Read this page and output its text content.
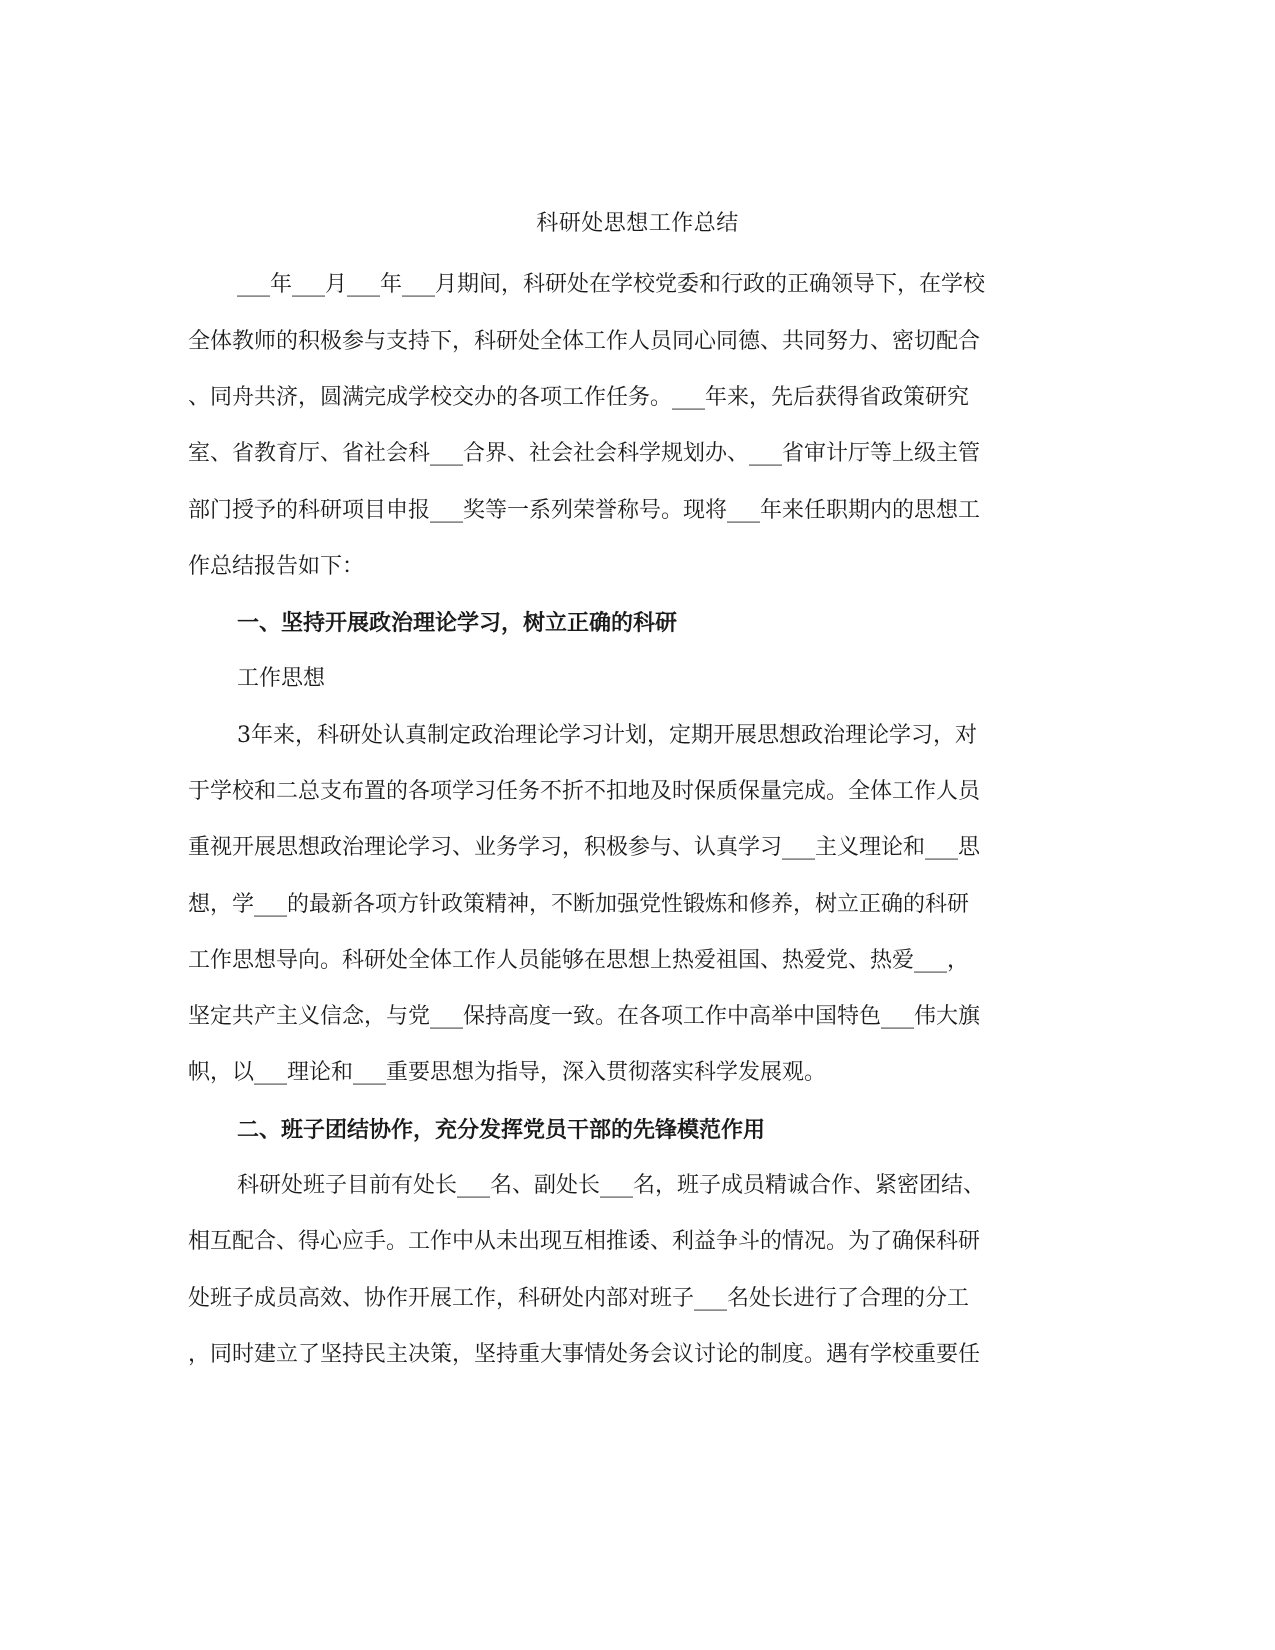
科研处思想工作总结
___年___月___年___月期间，科研处在学校党委和行政的正确领导下，在学校
全体教师的积极参与支持下，科研处全体工作人员同心同德、共同努力、密切配合
、同舟共济，圆满完成学校交办的各项工作任务。___年来，先后获得省政策研究
室、省教育厅、省社会科___合界、社会社会科学规划办、___省审计厅等上级主管
部门授予的科研项目申报___奖等一系列荣誉称号。现将___年来任职期内的思想工
作总结报告如下：
一、坚持开展政治理论学习，树立正确的科研
工作思想
3年来，科研处认真制定政治理论学习计划，定期开展思想政治理论学习，对
于学校和二总支布置的各项学习任务不折不扣地及时保质保量完成。全体工作人员
重视开展思想政治理论学习、业务学习，积极参与、认真学习___主义理论和___思
想，学___的最新各项方针政策精神，不断加强党性锻炼和修养，树立正确的科研
工作思想导向。科研处全体工作人员能够在思想上热爱祖国、热爱党、热爱___，
坚定共产主义信念，与党___保持高度一致。在各项工作中高举中国特色___伟大旗
帜，以___理论和___重要思想为指导，深入贯彻落实科学发展观。
二、班子团结协作，充分发挥党员干部的先锋模范作用
科研处班子目前有处长___名、副处长___名，班子成员精诚合作、紧密团结、
相互配合、得心应手。工作中从未出现互相推诿、利益争斗的情况。为了确保科研
处班子成员高效、协作开展工作，科研处内部对班子___名处长进行了合理的分工
，同时建立了坚持民主决策，坚持重大事情处务会议讨论的制度。遇有学校重要任
